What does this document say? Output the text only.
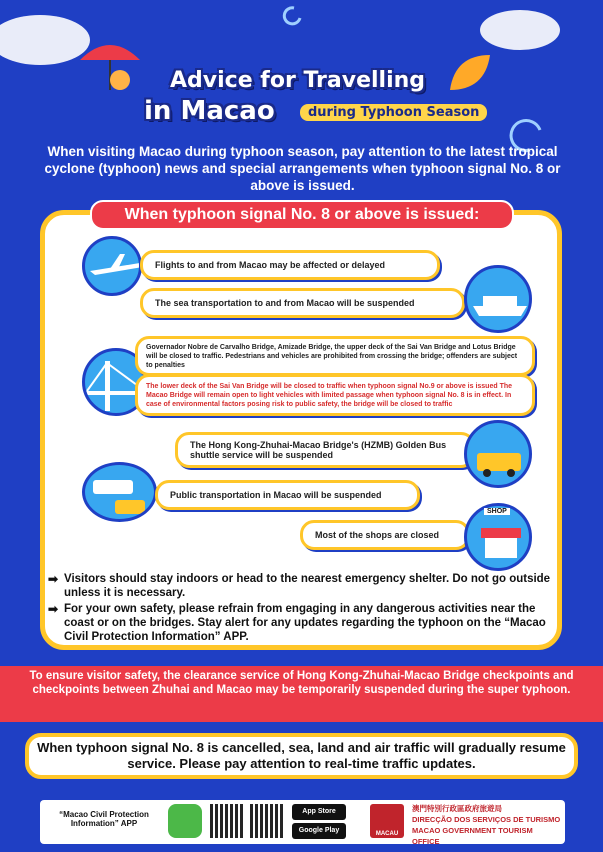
Advice for Travelling
in Macao	during Typhoon Season
When visiting Macao during typhoon season, pay attention to the latest tropical cyclone (typhoon) news and special arrangements when typhoon signal No. 8 or above is issued.
When typhoon signal No. 8 or above is issued:
Flights to and from Macao may be affected or delayed
The sea transportation to and from Macao will be suspended
Governador Nobre de Carvalho Bridge, Amizade Bridge, the upper deck of the Sai Van Bridge and Lotus Bridge will be closed to traffic. Pedestrians and vehicles are prohibited from crossing the bridge; offenders are subject to penalties
The lower deck of the Sai Van Bridge will be closed to traffic when typhoon signal No.9 or above is issued The Macao Bridge will remain open to light vehicles with limited passage when typhoon signal No. 8 is in effect. In case of environmental factors posing risk to public safety, the bridge will be closed to traffic
The Hong Kong-Zhuhai-Macao Bridge's (HZMB) Golden Bus shuttle service will be suspended
Public transportation in Macao will be suspended
Most of the shops are closed
SHOP
➡ Visitors should stay indoors or head to the nearest emergency shelter. Do not go outside unless it is necessary.
➡ For your own safety, please refrain from engaging in any dangerous activities near the coast or on the bridges. Stay alert for any updates regarding the typhoon on the “Macao Civil Protection Information” APP.
To ensure visitor safety, the clearance service of Hong Kong-Zhuhai-Macao Bridge checkpoints and checkpoints between Zhuhai and Macao may be temporarily suspended during the super typhoon.
When typhoon signal No. 8 is cancelled, sea, land and air traffic will gradually resume service. Please pay attention to real-time traffic updates.
“Macao Civil Protection Information” APP
App Store
Google Play	MACAU
澳門特別行政區政府旅遊局
DIRECÇÃO DOS SERVIÇOS DE TURISMO
MACAO GOVERNMENT TOURISM OFFICE
